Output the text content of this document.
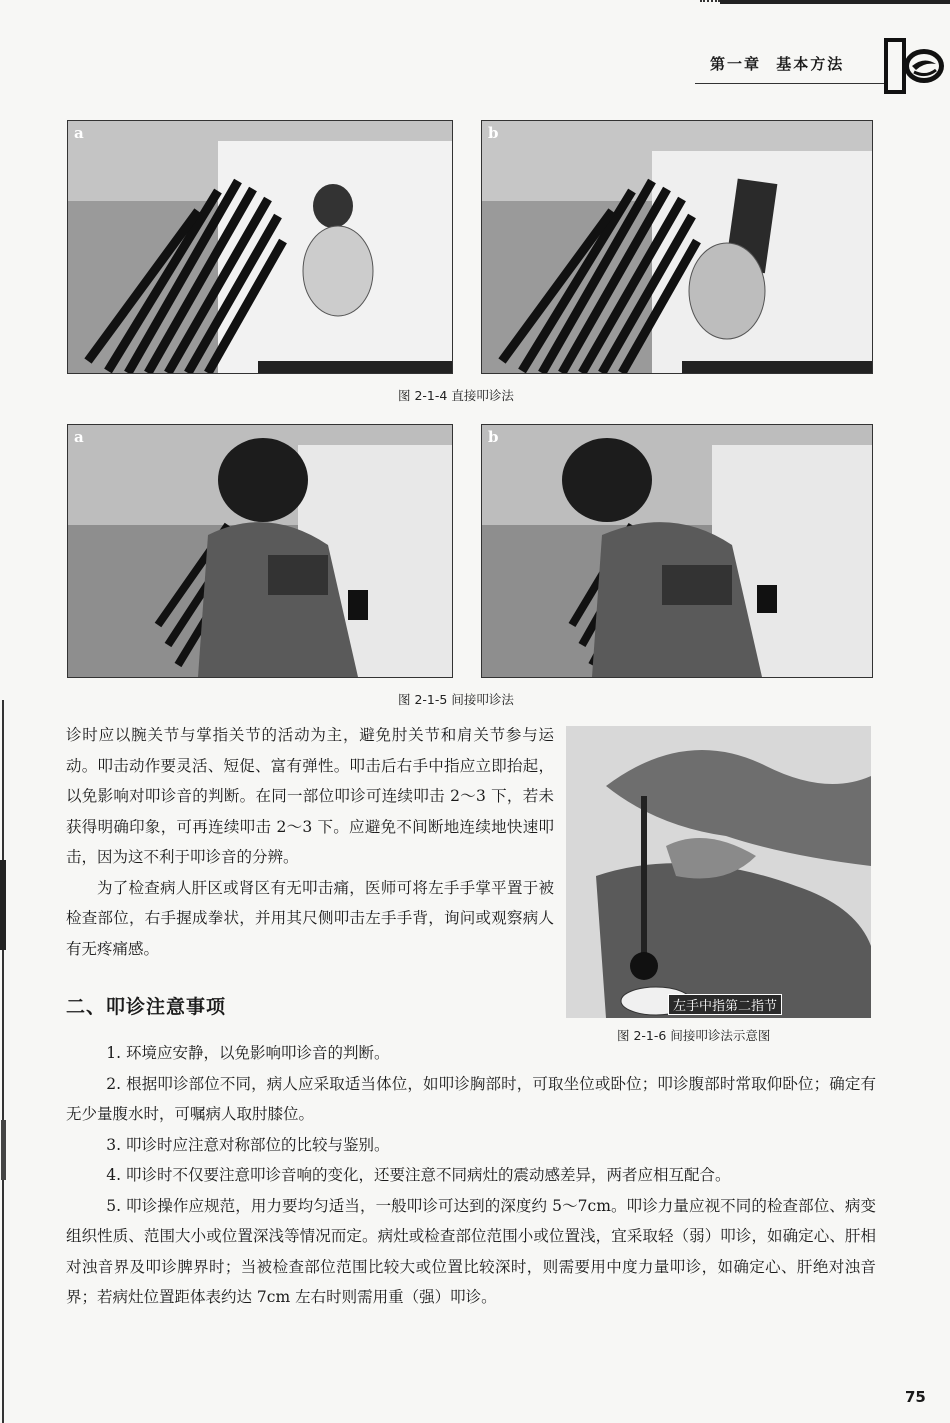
第一章 基本方法
a	b
图 2-1-4 直接叩诊法
a	b
图 2-1-5 间接叩诊法
左手中指第二指节
图 2-1-6 间接叩诊法示意图

诊时应以腕关节与掌指关节的活动为主，避免肘关节和肩关节参与运动。叩击动作要灵活、短促、富有弹性。叩击后右手中指应立即抬起，以免影响对叩诊音的判断。在同一部位叩诊可连续叩击 2～3 下，若未获得明确印象，可再连续叩击 2～3 下。应避免不间断地连续地快速叩击，因为这不利于叩诊音的分辨。

为了检查病人肝区或肾区有无叩击痛，医师可将左手手掌平置于被检查部位，右手握成拳状，并用其尺侧叩击左手手背，询问或观察病人有无疼痛感。

二、叩诊注意事项

1. 环境应安静，以免影响叩诊音的判断。

2. 根据叩诊部位不同，病人应采取适当体位，如叩诊胸部时，可取坐位或卧位；叩诊腹部时常取仰卧位；确定有无少量腹水时，可嘱病人取肘膝位。

3. 叩诊时应注意对称部位的比较与鉴别。

4. 叩诊时不仅要注意叩诊音响的变化，还要注意不同病灶的震动感差异，两者应相互配合。

5. 叩诊操作应规范，用力要均匀适当，一般叩诊可达到的深度约 5～7cm。叩诊力量应视不同的检查部位、病变组织性质、范围大小或位置深浅等情况而定。病灶或检查部位范围小或位置浅，宜采取轻（弱）叩诊，如确定心、肝相对浊音界及叩诊脾界时；当被检查部位范围比较大或位置比较深时，则需要用中度力量叩诊，如确定心、肝绝对浊音界；若病灶位置距体表约达 7cm 左右时则需用重（强）叩诊。

75
